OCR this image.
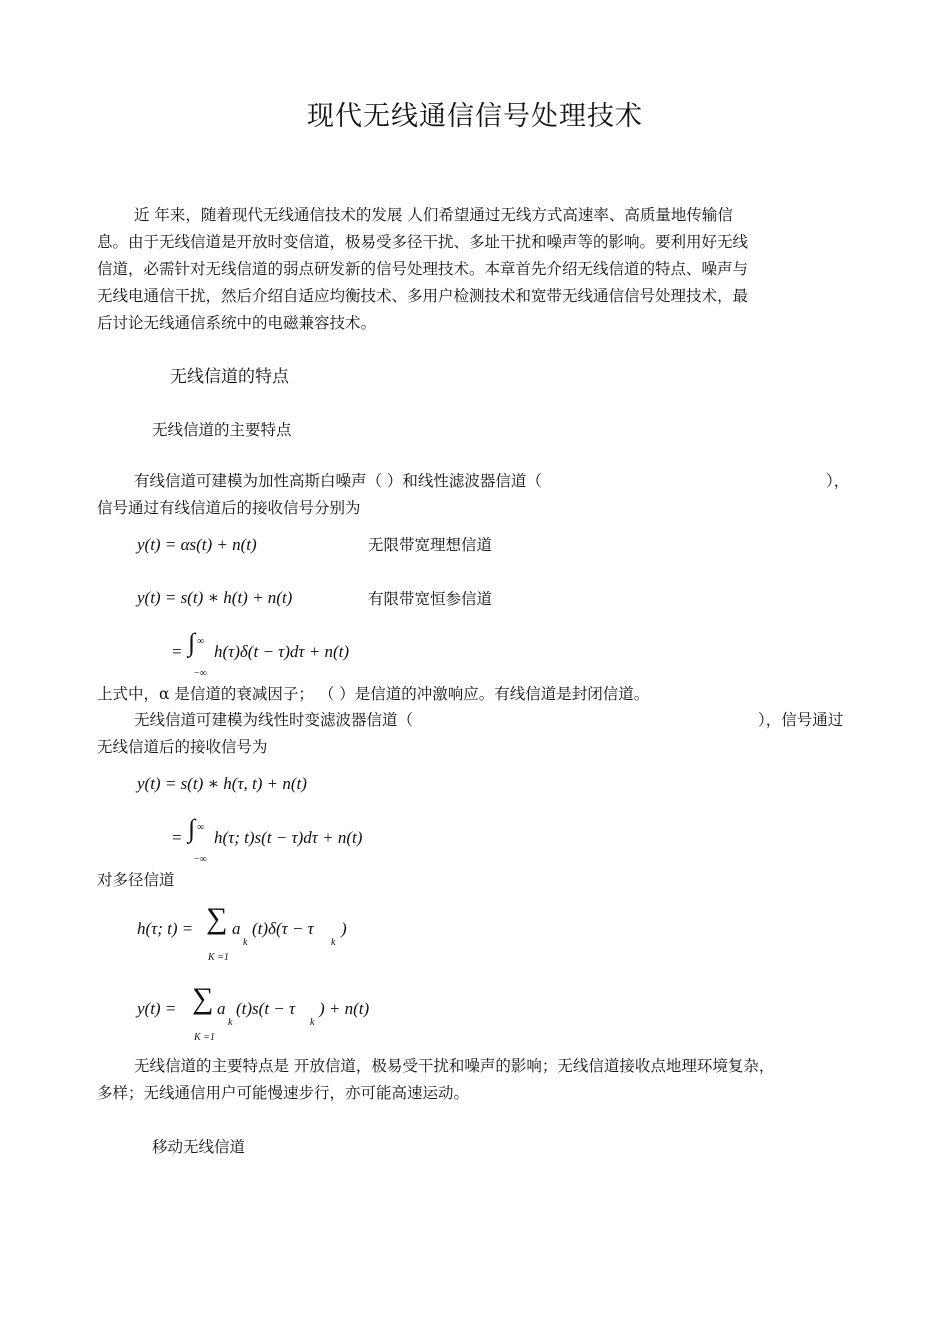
现代无线通信信号处理技术
近 年来，随着现代无线通信技术的发展 人们希望通过无线方式高速率、高质量地传输信
息。由于无线信道是开放时变信道，极易受多径干扰、多址干扰和噪声等的影响。要利用好无线
信道，必需针对无线信道的弱点研发新的信号处理技术。本章首先介绍无线信道的特点、噪声与
无线电通信干扰，然后介绍自适应均衡技术、多用户检测技术和宽带无线通信信号处理技术，最
后讨论无线通信系统中的电磁兼容技术。
无线信道的特点
无线信道的主要特点
有线信道可建模为加性高斯白噪声（ ）和线性滤波器信道（	），
信号通过有线信道后的接收信号分别为
y(t) = αs(t) + n(t)	无限带宽理想信道
y(t) = s(t) ∗ h(t) + n(t)	有限带宽恒参信道
= ∫ ∞
−∞
h(τ)δ(t − τ)dτ + n(t)
上式中，α 是信道的衰减因子； （ ）是信道的冲激响应。有线信道是封闭信道。
无线信道可建模为线性时变滤波器信道（	），信号通过
无线信道后的接收信号为
y(t) = s(t) ∗ h(τ, t) + n(t)
= ∫ ∞
−∞
h(τ; t)s(t − τ)dτ + n(t)
对多径信道
h(τ; t) = ∑
K =1
a
k
(t)δ(τ − τ
k
)
y(t) = ∑
K =1
a
k
(t)s(t − τ
k
) + n(t)
无线信道的主要特点是 开放信道，极易受干扰和噪声的影响；无线信道接收点地理环境复杂，
多样；无线通信用户可能慢速步行，亦可能高速运动。
移动无线信道
